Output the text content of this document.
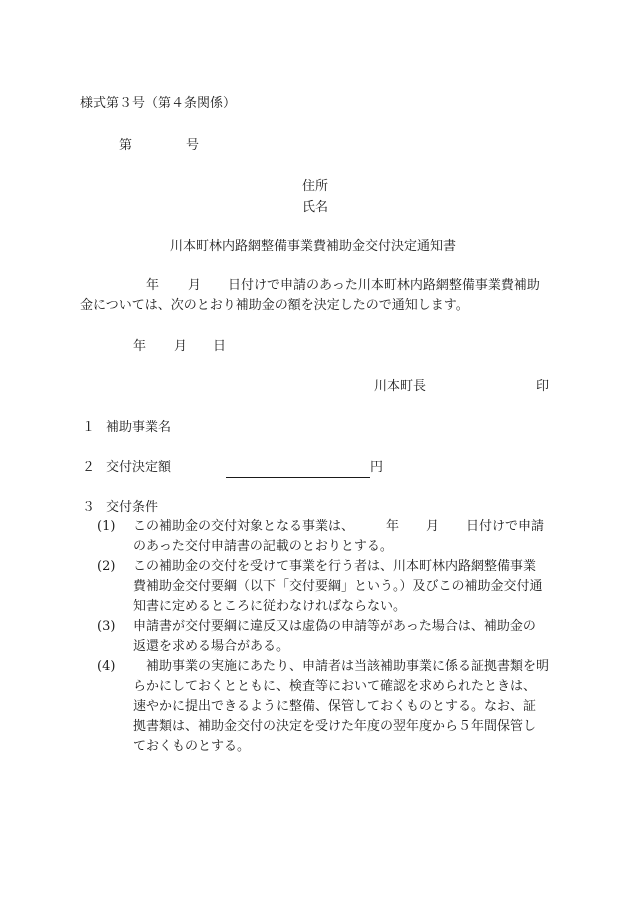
様式第３号（第４条関係）
第	号
住所
氏名
川本町林内路網整備事業費補助金交付決定通知書
年 月 日付けで申請のあった川本町林内路網整備事業費補助
金については、次のとおり補助金の額を決定したので通知します。
年 月 日
川本町長	印
１ 補助事業名
２ 交付決定額	円
３ 交付条件
(1) この補助金の交付対象となる事業は、 年 月 日付けで申請
のあった交付申請書の記載のとおりとする。
(2) この補助金の交付を受けて事業を行う者は、川本町林内路網整備事業
費補助金交付要綱（以下「交付要綱」という。）及びこの補助金交付通
知書に定めるところに従わなければならない。
(3) 申請書が交付要綱に違反又は虚偽の申請等があった場合は、補助金の
返還を求める場合がある。
(4) 　補助事業の実施にあたり、申請者は当該補助事業に係る証拠書類を明
らかにしておくとともに、検査等において確認を求められたときは、
速やかに提出できるように整備、保管しておくものとする。なお、証
拠書類は、補助金交付の決定を受けた年度の翌年度から５年間保管し
ておくものとする。
